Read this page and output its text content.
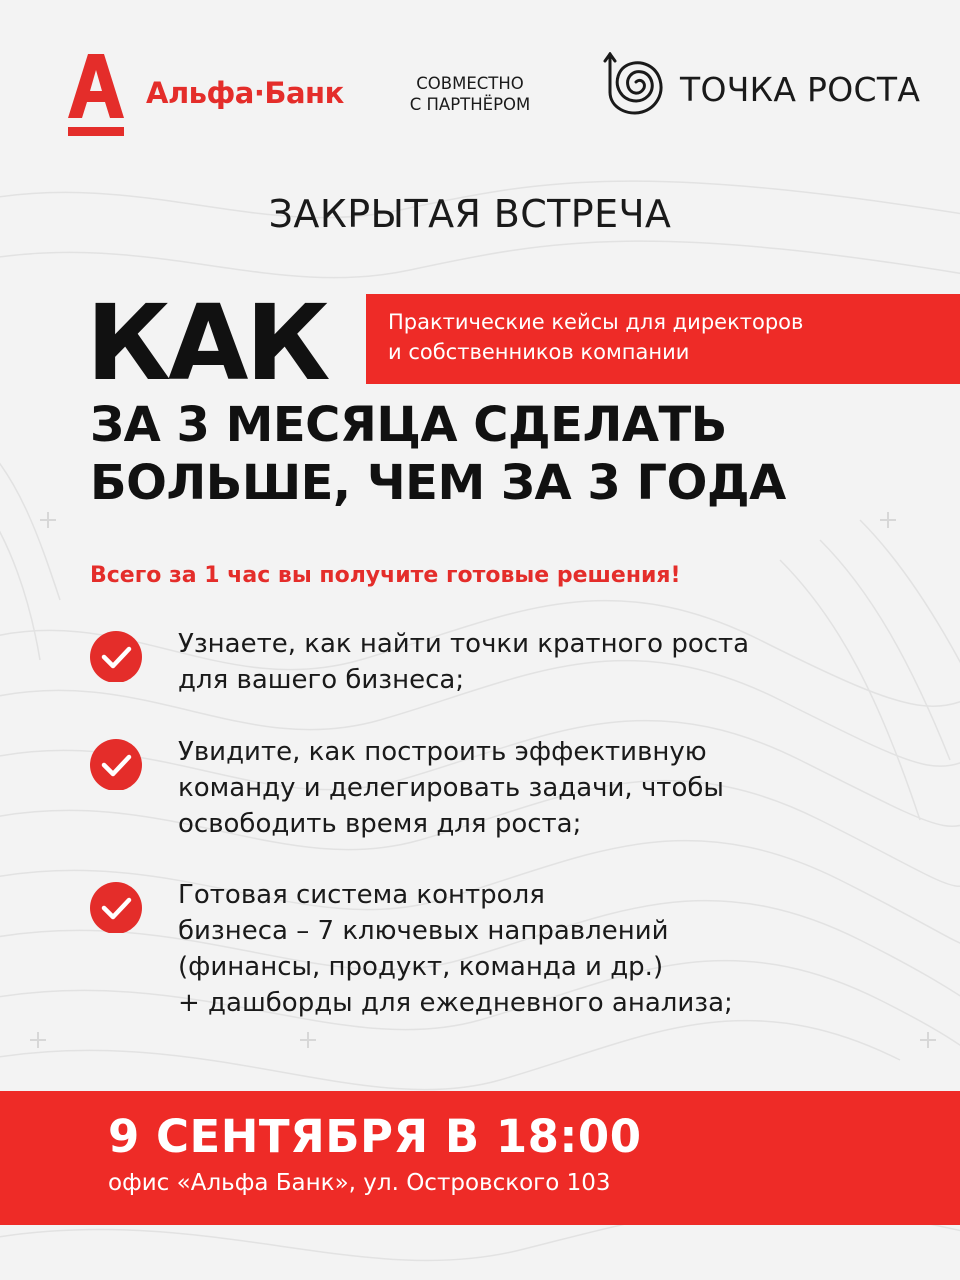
Альфа·Банк	СОВМЕСТНО
С ПАРТНЁРОМ	ТОЧКА РОСТА
ЗАКРЫТАЯ ВСТРЕЧА
КАК	Практические кейсы для директоров
и собственников компании
ЗА 3 МЕСЯЦА СДЕЛАТЬ
БОЛЬШЕ, ЧЕМ ЗА 3 ГОДА
Всего за 1 час вы получите готовые решения!
Узнаете, как найти точки кратного роста
для вашего бизнеса;
Увидите, как построить эффективную
команду и делегировать задачи, чтобы
освободить время для роста;
Готовая система контроля
бизнеса – 7 ключевых направлений
(финансы, продукт, команда и др.)
+ дашборды для ежедневного анализа;
9 СЕНТЯБРЯ В 18:00
офис «Альфа Банк», ул. Островского 103
